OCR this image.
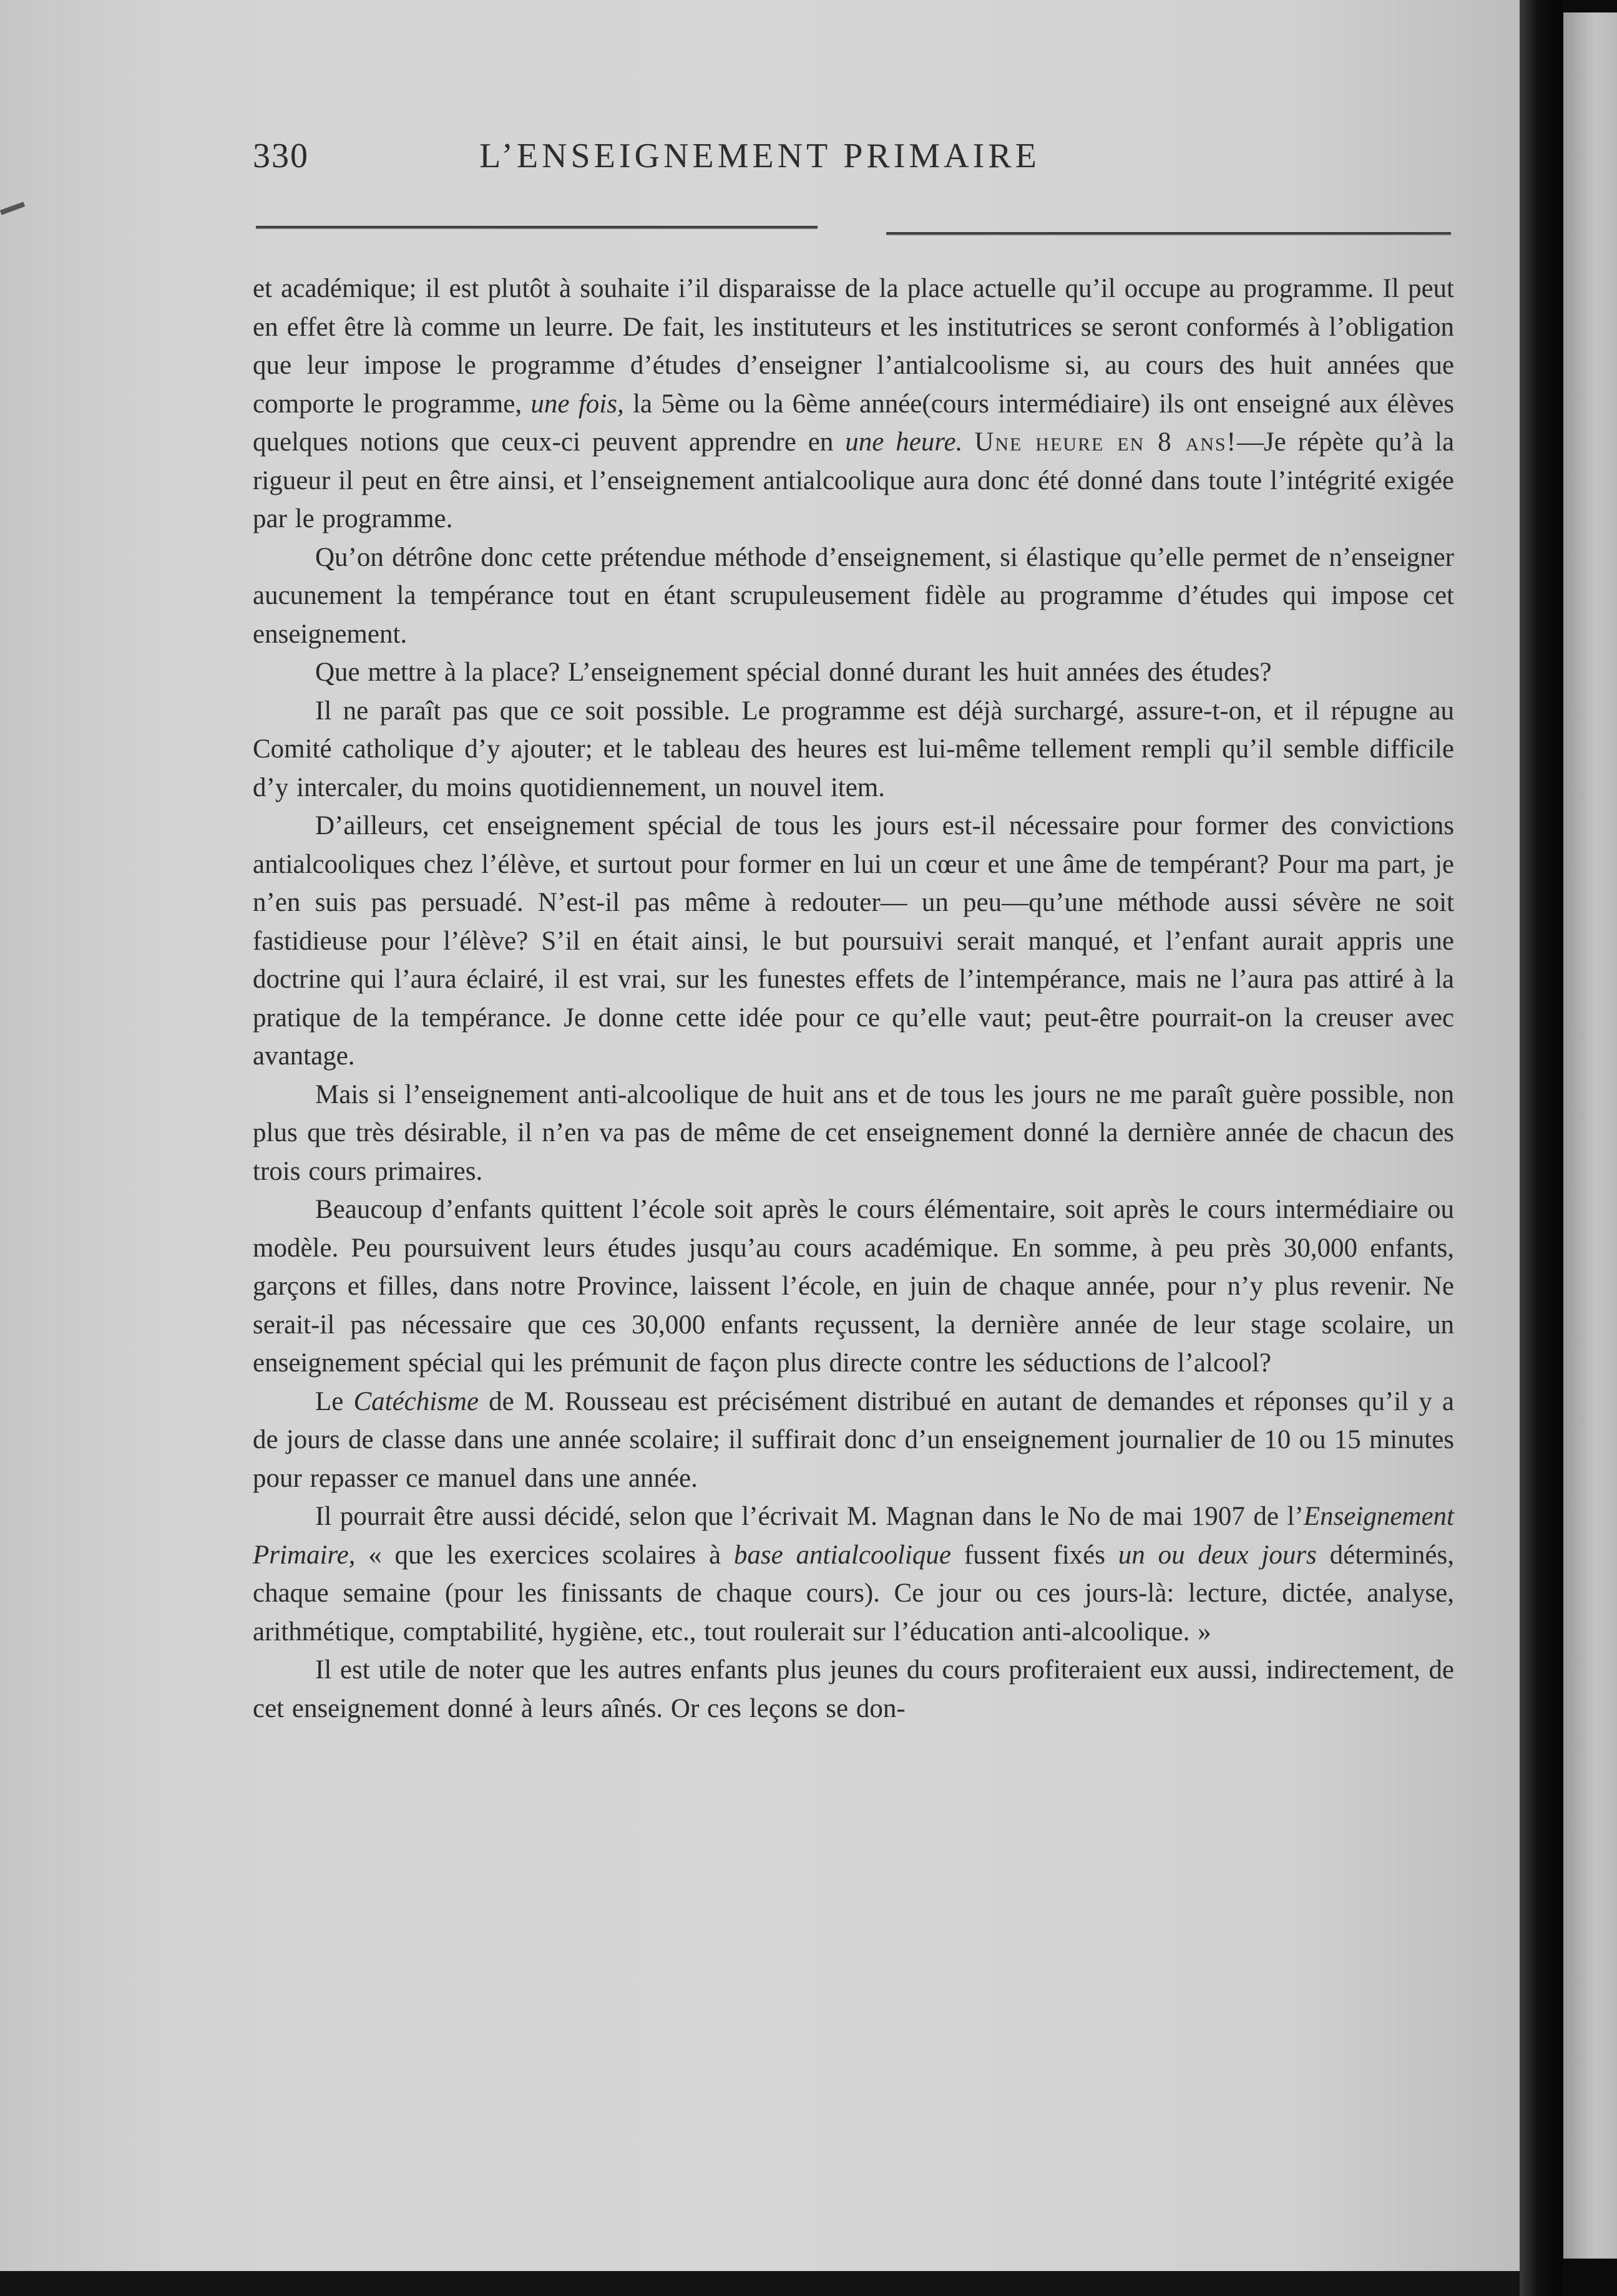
L’ENSEIGNEMENT PRIMAIRE
330

et académique; il est plutôt à souhaite i’il disparaisse de la place actuelle qu’il occupe au programme. Il peut en effet être là comme un leurre. De fait, les instituteurs et les institutrices se seront conformés à l’obligation que leur impose le programme d’études d’enseigner l’antialcoolisme si, au cours des huit années que comporte le programme, une fois, la 5ème ou la 6ème année(cours intermédiaire) ils ont enseigné aux élèves quelques notions que ceux-ci peuvent apprendre en une heure. Une heure en 8 ans!—Je répète qu’à la rigueur il peut en être ainsi, et l’enseignement antialcoolique aura donc été donné dans toute l’intégrité exigée par le programme.

Qu’on détrône donc cette prétendue méthode d’enseignement, si élastique qu’elle permet de n’enseigner aucunement la tempérance tout en étant scrupuleusement fidèle au programme d’études qui impose cet enseignement.

Que mettre à la place? L’enseignement spécial donné durant les huit années des études?

Il ne paraît pas que ce soit possible. Le programme est déjà surchargé, assure-t-on, et il répugne au Comité catholique d’y ajouter; et le tableau des heures est lui-même tellement rempli qu’il semble difficile d’y intercaler, du moins quotidiennement, un nouvel item.

D’ailleurs, cet enseignement spécial de tous les jours est-il nécessaire pour former des convictions antialcooliques chez l’élève, et surtout pour former en lui un cœur et une âme de tempérant? Pour ma part, je n’en suis pas persuadé. N’est-il pas même à redouter— un peu—qu’une méthode aussi sévère ne soit fastidieuse pour l’élève? S’il en était ainsi, le but poursuivi serait manqué, et l’enfant aurait appris une doctrine qui l’aura éclairé, il est vrai, sur les funestes effets de l’intempérance, mais ne l’aura pas attiré à la pratique de la tempérance. Je donne cette idée pour ce qu’elle vaut; peut-être pourrait-on la creuser avec avantage.

Mais si l’enseignement anti-alcoolique de huit ans et de tous les jours ne me paraît guère possible, non plus que très désirable, il n’en va pas de même de cet enseignement donné la dernière année de chacun des trois cours primaires.

Beaucoup d’enfants quittent l’école soit après le cours élémentaire, soit après le cours intermédiaire ou modèle. Peu poursuivent leurs études jusqu’au cours académique. En somme, à peu près 30,000 enfants, garçons et filles, dans notre Province, laissent l’école, en juin de chaque année, pour n’y plus revenir. Ne serait-il pas nécessaire que ces 30,000 enfants reçussent, la dernière année de leur stage scolaire, un enseignement spécial qui les prémunit de façon plus directe contre les séductions de l’alcool?

Le Catéchisme de M. Rousseau est précisément distribué en autant de demandes et réponses qu’il y a de jours de classe dans une année scolaire; il suffirait donc d’un enseignement journalier de 10 ou 15 minutes pour repasser ce manuel dans une année.

Il pourrait être aussi décidé, selon que l’écrivait M. Magnan dans le No de mai 1907 de l’Enseignement Primaire, « que les exercices scolaires à base antialcoolique fussent fixés un ou deux jours déterminés, chaque semaine (pour les finissants de chaque cours). Ce jour ou ces jours-là: lecture, dictée, analyse, arithmétique, comptabilité, hygiène, etc., tout roulerait sur l’éducation anti-alcoolique. »

Il est utile de noter que les autres enfants plus jeunes du cours profiteraient eux aussi, indirectement, de cet enseignement donné à leurs aînés. Or ces leçons se don-
